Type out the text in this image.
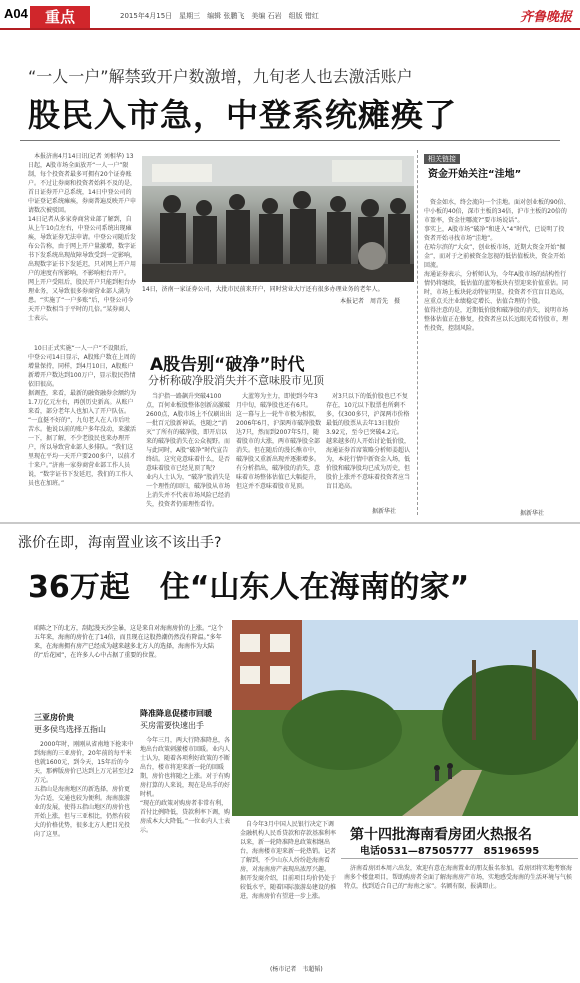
A04	重点	2015年4月15日　星期三　编辑 张鹏飞　美编 石岩　组版 错红	齐鲁晚报
“一人一户”解禁致开户数激增，九旬老人也去激活账户
股民入市急，中登系统瘫痪了
本报济南4月14日讯(记者 刘相华) 13日起，A股市场全面放开“一人一户”限制，每个投资者最多可拥有20个证券账户。不过让券商和投资者始料不及的是，首日证券开户总系统，14日中登公司的中证登记系统瘫痪，券商普遍反映开户申请数次被驳回。
14日记者从多家券商营业部了解到，自从上午10点左右，中登公司系统出现瘫痪，导致证券无法申请。中登公司随后发布公告称，由于网上开户量激增，数字证书下发系统出现故障导致受到一定影响，出现数字证书下发延迟，只对网上开户用户的速度有所影响，不影响柜台开户。
网上开户受阻后，股民开户只能到柜台办理业务，又导致很多券商营业部人满为患。“实施了“一户多账”后，中登公司今天开户数相当于平时的几倍。”某券商人士表示。
10日正式实施“一人一户”不设限后，中登公司14日显示，A股账户数在上周的增量保持，同样，到4月10日，A股账户新增开户数达到100万户，显示股民热情依旧很高。
据调查，来看，最新的融资融券余额约为1.7万亿元左右，再创历史新高。从账户来看，部分老年人也加入了开户队伍。
“一直挺不好的”，九旬老人在人市后吐苦水。他说以前的账户多年没动，来激活一下，据了解，不少老股民也来办理开户，所以导致营业部人多排队。“我们这里现在平均一天开户要200多户，以前才十来户。”济南一家券商营业部工作人员说，“数字证书下发延迟，我们的工作人员也在加班。”
14日，济南一家证券公司，大批市民前来开户，同时营业大厅还有很多办理业务的老年人。
本报记者　周青先　摄
A股告别“破净”时代
分析称破净股消失并不意味股市见顶
当沪指一路飙升突破4100点，百何业板股整体创新高激破2600点，A股市场上不仅刷出出一批百元股新神话，也随之“消灭”了所有的破净股，即开启以来的破净股消失在公众视野。而与此同时，A股“破净”时代宣告终结。这究竟意味着什么，是否意味着股市已经见顶了呢?
业内人士认为，“破净”股消失是一个理性的回归，破净股从市场上消失并不代表市场风险已经消失，投资者仍需理性看待。
大蓝筹为主力，即使到今年3月中旬，破净股也还有6只。
这一幕与上一轮牛市极为相似，2006年6月，沪深两市破净股数达7只，然而到2007年5月，随着股市的大涨，两市破净股全部消失。但在随后的漫长熊市中，破净股又重新出现并逐渐增多。
有分析指出，破净股的消失，意味着市场整体估值已大幅提升，但这并不意味着股市见顶。
对3只以下的低价股也已不复存在，10元以下股票也所剩不多，仅300多只，沪深两市价格最低的股票从去年13日股价3.92元，至今已突破4.2元。
越来越多的人开始讨论低价股，海通证券首席策略分析师姜超认为，本轮行情中新资金入场，低价股和破净股均已成为历史，但股价上涨并不意味着投资者应当盲目追高。
据新华社
相关链接
资金开始关注“洼地”
资金如水，终会流向一个洼地。面对创业板的90倍、中小板的40倍，深市主板的34倍，沪市主板的20倍的市盈率，资金往哪流?“要市场说话”。
事实上，A股市场“破净”和进入“4”时代，已说明了投资者开始寻找市场“洼地”。
在哈尔滨的“大众”，创业板市场，近期大资金开始“掘金”，而对于之前被资金忽视的低估值板块，资金开始回流。
海通证券表示，分析师认为，今年A股市场的结构性行情仍将继续，低估值的蓝筹板块有望迎来价值重估。同时，市场上板块轮动特征明显，投资者不宜盲目追高，应重点关注业绩稳定增长、估值合理的个股。
值得注意的是，近期低价股和破净股的消失，说明市场整体估值正在修复，投资者应以长远眼光看待股市，理性投资，控制风险。
据新华社
涨价在即，海南置业该不该出手?
36万起　住“山东人在海南的家”
咱陈之下的北方，刮起漫天沙尘暴，这是来自对海南房价的上涨。“这个五年来，海南的房价在了14倍，而且现在这股热潮仍然没有降温。”多年来，在海南拥有房产已经成为越来越多北方人的选择，海南作为大陆的“后花园”，在许多人心中占据了重要的位置。
三亚房价贵
更多侯鸟选择五指山
2000年时，刚刚从省南地下抢来中到海南的三亚房价，20年前的每平米也就1600元，到今天，15年后的今天，那裤版房价已达到上万元甚至过2万元。
五指山是海南地区的新选择，房价更为合适，交通也较为便利。海南旅游业的发展，使得五指山地区的房价也开始上涨，但与三亚相比，仍然有较大的价格优势，很多北方人把目光投向了这里。
降准降息促楼市回暖
买房需要快速出手
今年三月，两大行降准降息，各地出台政策刺激楼市回暖。业内人士认为，随着各项利好政策的不断出台，楼市将迎来新一轮的回暖期，房价也将随之上涨。对于有购房打算的人来说，现在是出手的好时机。
“现在的政策对购房者非常有利，首付比例降低，贷款利率下调，购房成本大大降低。”一位业内人士表示。
自今年3月中国人民银行决定下调金融机构人民币贷款和存款基准利率以来，新一轮降准降息政策相继出台，海南楼市迎来新一轮热销。记者了解到，不少山东人纷纷赴海南看房，对海南房产表现出浓厚兴趣。
据开发商介绍，目前项目均价仍处于较低水平，随着国际旅游岛建设的推进，海南房价有望进一步上涨。
(杨市记者　韦超韬)
第十四批海南看房团火热报名
电话0531—87505777　85196595
济南看房团本周六出发，欢迎有意在海南置业的朋友报名参加。看房团将实地考察海南多个楼盘项目，帮助购房者全面了解海南房产市场，实地感受海南的生活环境与气候特点，找到适合自己的“海南之家”。名额有限，报满即止。
